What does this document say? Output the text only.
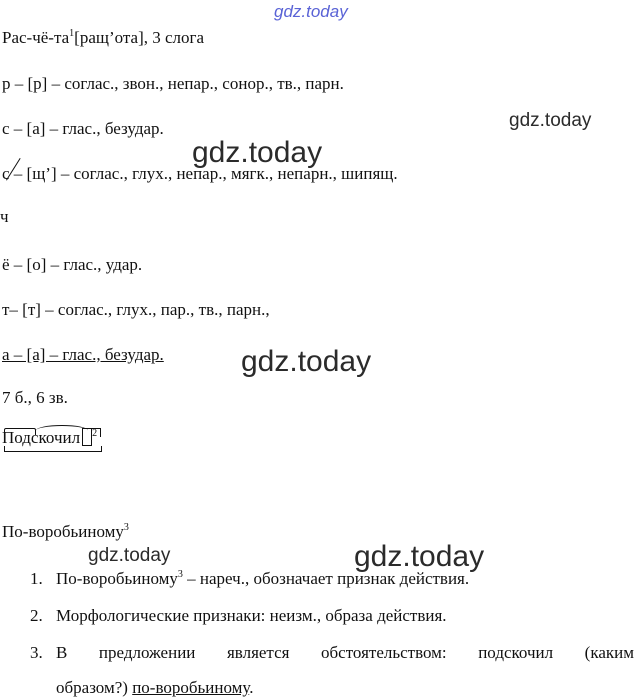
gdz.today
Рас-$чё-та^1[ращ’ота]$, 3 слога
р – [р] – соглас., звон., непар., сонор., тв., парн.
gdz.today
с – [а] – глас., безудар.
gdz.today
с – [щ’] – соглас., глух., непар., мягк., непарн., шипящ.
ч
ё – [о] – глас., удар.
т– [т] – соглас., глух., пар., тв., парн.,
а – [а] – глас., безудар.	gdz.today
7 б., 6 зв.
Подскочил $^2$
По-воробьиному$^3$
gdz.today	gdz.today
1. По-воробьиному$^3$ – нареч., обозначает признак действия.
2. Морфологические признаки: неизм., образа действия.
3. В предложении является обстоятельством: подскочил (каким
образом?) по-воробьиному.
